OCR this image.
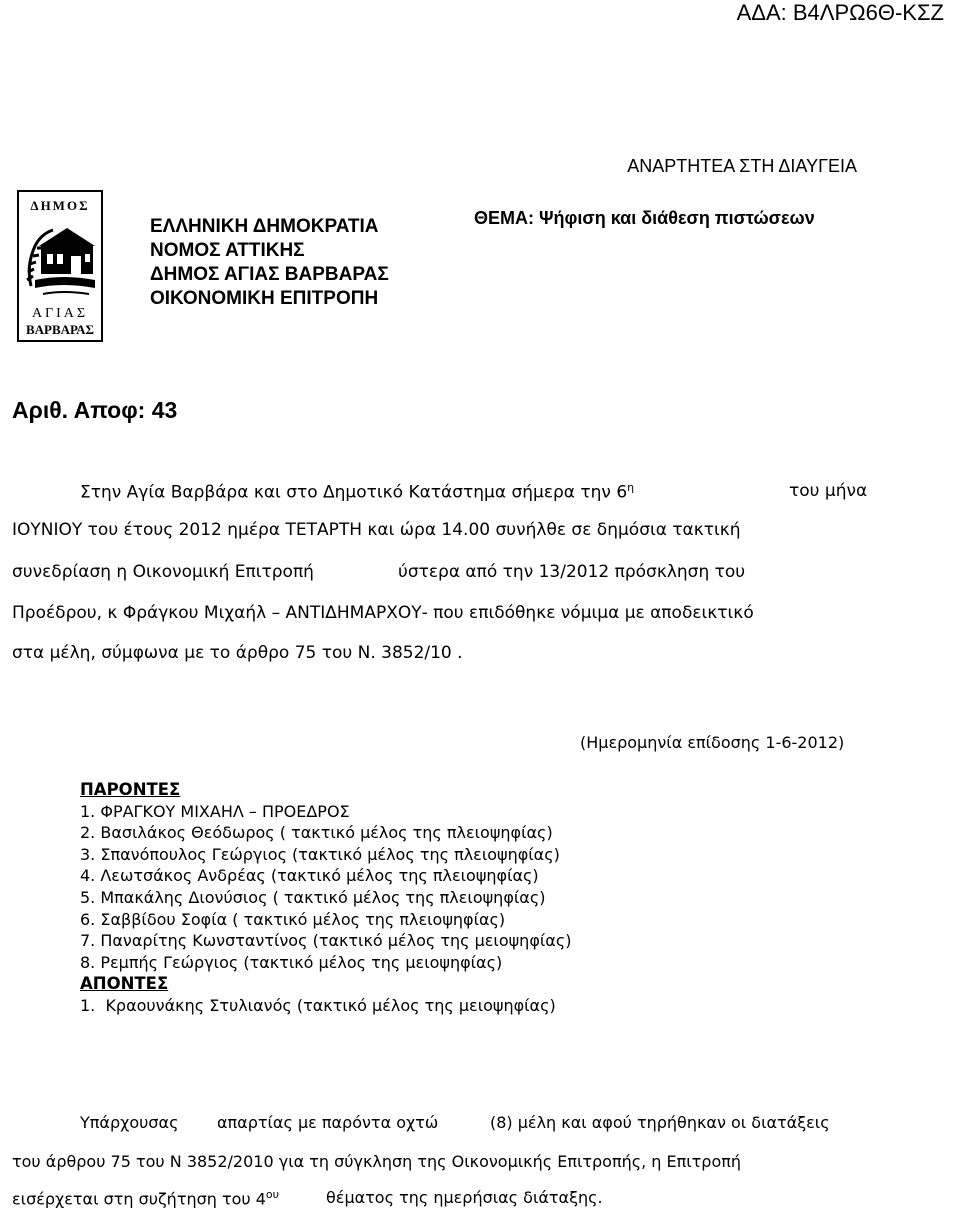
ΑΔΑ: Β4ΛΡΩ6Θ-ΚΣΖ
ΑΝΑΡΤΗΤΕΑ ΣΤΗ ΔΙΑΥΓΕΙΑ
ΔΗΜΟΣ
ΑΓΙΑΣ
ΒΑΡΒΑΡΑΣ
ΕΛΛΗΝΙΚΗ ΔΗΜΟΚΡΑΤΙΑ
ΝΟΜΟΣ ΑΤΤΙΚΗΣ
ΔΗΜΟΣ ΑΓΙΑΣ ΒΑΡΒΑΡΑΣ
ΟΙΚΟΝΟΜΙΚΗ ΕΠΙΤΡΟΠΗ
ΘΕΜΑ: Ψήφιση και διάθεση πιστώσεων
Αριθ. Αποφ: 43
Στην Αγία Βαρβάρα και στο Δημοτικό Κατάστημα σήμερα την $6^\eta$	του μήνα
ΙΟΥΝΙΟΥ του έτους 2012 ημέρα ΤΕΤΑΡΤΗ και ώρα 14.00 συνήλθε σε δημόσια τακτική
συνεδρίαση η Οικονομική Επιτροπή	ύστερα από την 13/2012 πρόσκληση του
Προέδρου, κ Φράγκου Μιχαήλ – ΑΝΤΙΔΗΜΑΡΧΟΥ- που επιδόθηκε νόμιμα με αποδεικτικό
στα μέλη, σύμφωνα με το άρθρο 75 του Ν. 3852/10 .
(Ημερομηνία επίδοσης 1-6-2012)
ΠΑΡΟΝΤΕΣ
1. ΦΡΑΓΚΟΥ ΜΙΧΑΗΛ – ΠΡΟΕΔΡΟΣ
2. Βασιλάκος Θεόδωρος ( τακτικό μέλος της πλειοψηφίας)
3. Σπανόπουλος Γεώργιος (τακτικό μέλος της πλειοψηφίας)
4. Λεωτσάκος Ανδρέας (τακτικό μέλος της πλειοψηφίας)
5. Μπακάλης Διονύσιος ( τακτικό μέλος της πλειοψηφίας)
6. Σαββίδου Σοφία ( τακτικό μέλος της πλειοψηφίας)
7. Παναρίτης Κωνσταντίνος (τακτικό μέλος της μειοψηφίας)
8. Ρεμπής Γεώργιος (τακτικό μέλος της μειοψηφίας)
ΑΠΟΝΤΕΣ
1.  Κραουνάκης Στυλιανός (τακτικό μέλος της μειοψηφίας)
Υπάρχουσας απαρτίας με παρόντα οχτώ	(8) μέλη και αφού τηρήθηκαν οι διατάξεις
του άρθρου 75 του Ν 3852/2010 για τη σύγκληση της Οικονομικής Επιτροπής, η Επιτροπή
εισέρχεται στη συζήτηση του $4^{o\upsilon}$	θέματος της ημερήσιας διάταξης.
